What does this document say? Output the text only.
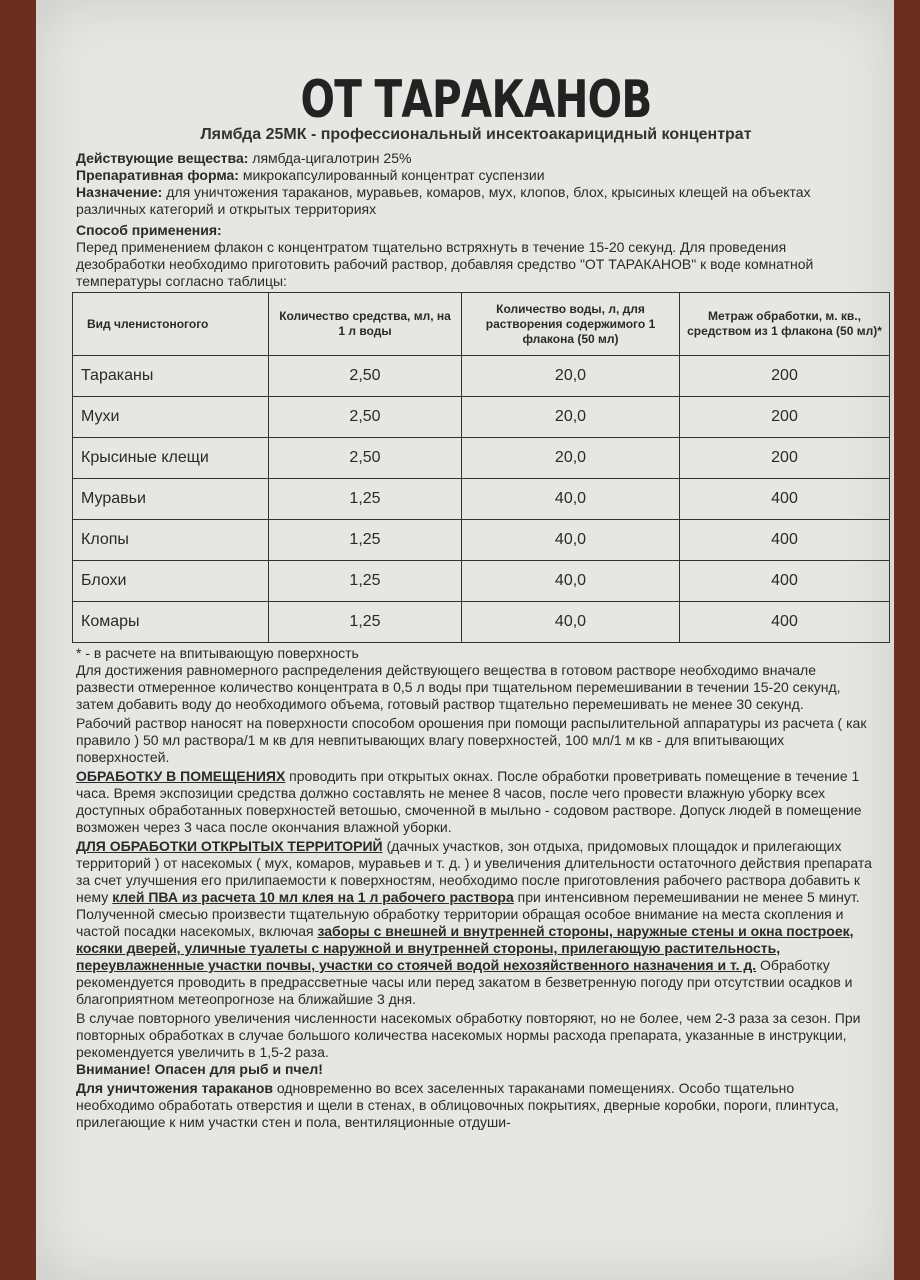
ОТ ТАРАКАНОВ
Лямбда 25МК - профессиональный инсектоакарицидный концентрат

Действующие вещества: лямбда-цигалотрин 25%

Препаративная форма: микрокапсулированный концентрат суспензии

Назначение: для уничтожения тараканов, муравьев, комаров, мух, клопов, блох, крысиных клещей на объектах различных категорий и открытых территориях

Способ применения:

Перед применением флакон с концентратом тщательно встряхнуть в течение 15-20 секунд. Для проведения дезобработки необходимо приготовить рабочий раствор, добавляя средство "ОТ ТАРАКАНОВ" к воде комнатной температуры согласно таблицы:

Вид членистоногого	Количество средства, мл, на 1 л воды	Количество воды, л, для растворения содержимого 1 флакона (50 мл)	Метраж обработки, м. кв., средством из 1 флакона (50 мл)*
Тараканы	2,50	20,0	200
Мухи	2,50	20,0	200
Крысиные клещи	2,50	20,0	200
Муравьи	1,25	40,0	400
Клопы	1,25	40,0	400
Блохи	1,25	40,0	400
Комары	1,25	40,0	400

* - в расчете на впитывающую поверхность

Для достижения равномерного распределения действующего вещества в готовом растворе необходимо вначале развести отмеренное количество концентрата в 0,5 л воды при тщательном перемешивании в течении 15-20 секунд, затем добавить воду до необходимого объема, готовый раствор тщательно перемешивать не менее 30 секунд.

Рабочий раствор наносят на поверхности способом орошения при помощи распылительной аппаратуры из расчета ( как правило ) 50 мл раствора/1 м кв для невпитывающих влагу поверхностей, 100 мл/1 м кв - для впитывающих поверхностей.

ОБРАБОТКУ В ПОМЕЩЕНИЯХ проводить при открытых окнах. После обработки проветривать помещение в течение 1 часа. Время экспозиции средства должно составлять не менее 8 часов, после чего провести влажную уборку всех доступных обработанных поверхностей ветошью, смоченной в мыльно - содовом растворе. Допуск людей в помещение возможен через 3 часа после окончания влажной уборки.

ДЛЯ ОБРАБОТКИ ОТКРЫТЫХ ТЕРРИТОРИЙ (дачных участков, зон отдыха, придомовых площадок и прилегающих территорий ) от насекомых ( мух, комаров, муравьев и т. д. ) и увеличения длительности остаточного действия препарата за счет улучшения его прилипаемости к поверхностям, необходимо после приготовления рабочего раствора добавить к нему клей ПВА из расчета 10 мл клея на 1 л рабочего раствора при интенсивном перемешивании не менее 5 минут. Полученной смесью произвести тщательную обработку территории обращая особое внимание на места скопления и частой посадки насекомых, включая заборы с внешней и внутренней стороны, наружные стены и окна построек, косяки дверей, уличные туалеты с наружной и внутренней стороны, прилегающую растительность, переувлажненные участки почвы, участки со стоячей водой нехозяйственного назначения и т. д. Обработку рекомендуется проводить в предрассветные часы или перед закатом в безветренную погоду при отсутствии осадков и благоприятном метеопрогнозе на ближайшие 3 дня.

В случае повторного увеличения численности насекомых обработку повторяют, но не более, чем 2-3 раза за сезон. При повторных обработках в случае большого количества насекомых нормы расхода препарата, указанные в инструкции, рекомендуется увеличить в 1,5-2 раза.

Внимание! Опасен для рыб и пчел!

Для уничтожения тараканов одновременно во всех заселенных тараканами помещениях. Особо тщательно необходимо обработать отверстия и щели в стенах, в облицовочных покрытиях, дверные коробки, пороги, плинтуса, прилегающие к ним участки стен и пола, вентиляционные отдуши-
